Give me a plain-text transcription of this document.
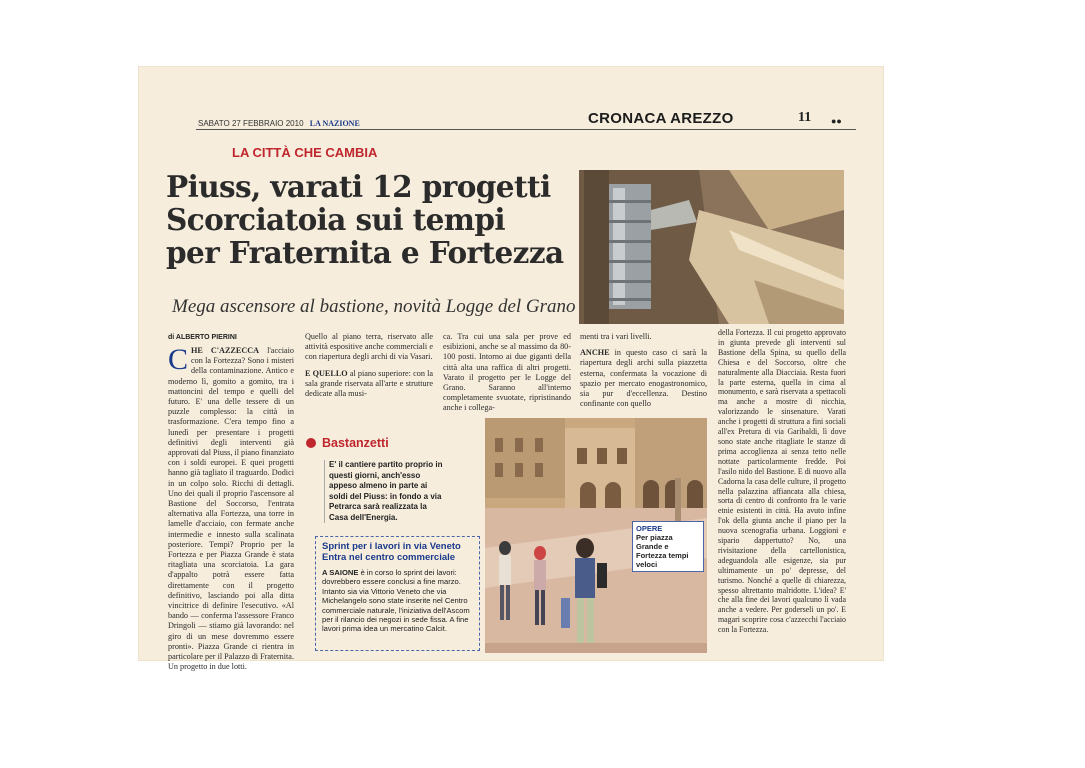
SABATO 27 FEBBRAIO 2010 LA NAZIONE	CRONACA AREZZO	11 ●●
LA CITTÀ CHE CAMBIA
Piuss, varati 12 progetti
Scorciatoia sui tempi
per Fraternita e Fortezza
Mega ascensore al bastione, novità Logge del Grano
di ALBERTO PIERINI

C HE C'AZZECCA l'acciaio con la Fortezza? Sono i misteri della contaminazione. Antico e moderno lì, gomito a gomito, tra i mattoncini del tempo e quelli del futuro. E' una delle tessere di un puzzle complesso: la città in trasformazione. C'era tempo fino a lunedì per presentare i progetti definitivi degli interventi già approvati dal Piuss, il piano finanziato con i soldi europei. E quei progetti hanno già tagliato il traguardo. Dodici in un colpo solo. Ricchi di dettagli. Uno dei quali il proprio l'ascensore al Bastione del Soccorso, l'entrata alternativa alla Fortezza, una torre in lamelle d'acciaio, con fermate anche intermedie e innesto sulla scalinata posteriore. Tempi? Proprio per la Fortezza e per Piazza Grande è stata ritagliata una scorciatoia. La gara d'appalto potrà essere fatta direttamente con il progetto definitivo, lasciando poi alla ditta vincitrice di definire l'esecutivo. «Al bando — conferma l'assessore Franco Dringoli — stiamo già lavorando: nel giro di un mese dovremmo essere pronti». Piazza Grande ci rientra in particolare per il Palazzo di Fraternita. Un progetto in due lotti.

Quello al piano terra, riservato alle attività espositive anche commerciali e con riapertura degli archi di via Vasari.

E QUELLO al piano superiore: con la sala grande riservata all'arte e strutture dedicate alla musi-

ca. Tra cui una sala per prove ed esibizioni, anche se al massimo da 80-100 posti. Intorno ai due giganti della città alta una raffica di altri progetti. Varato il progetto per le Logge del Grano. Saranno all'interno completamente svuotate, ripristinando anche i collega-

menti tra i vari livelli.

ANCHE in questo caso ci sarà la riapertura degli archi sulla piazzetta esterna, confermata la vocazione di spazio per mercato enogastronomico, sia pur d'eccellenza. Destino confinante con quello

della Fortezza. Il cui progetto approvato in giunta prevede gli interventi sul Bastione della Spina, su quello della Chiesa e del Soccorso, oltre che naturalmente alla Diacciaia. Resta fuori la parte esterna, quella in cima al monumento, e sarà riservata a spettacoli ma anche a mostre di nicchia, valorizzando le sinsenature. Varati anche i progetti di struttura a fini sociali all'ex Pretura di via Garibaldi, lì dove sono state anche ritagliate le stanze di prima accoglienza ai senza tetto nelle nottate particolarmente fredde. Poi l'asilo nido del Bastione. E di nuovo alla Cadorna la casa delle culture, il progetto nella palazzina affiancata alla chiesa, sorta di centro di confronto fra le varie etnie esistenti in città. Ha avuto infine l'ok della giunta anche il piano per la nuova scenografia urbana. Loggioni e sipario dappertutto? No, una rivisitazione della cartellonistica, adeguandola alle esigenze, sia pur ultimamente un po' depresse, del turismo. Nonché a quelle di chiarezza, spesso altrettanto malridotte. L'idea? E' che alla fine dei lavori qualcuno lì vada anche a vedere. Per goderseli un po'. E magari scoprire cosa c'azzecchi l'acciaio con la Fortezza.

Bastanzetti
E' il cantiere partito proprio in questi giorni, anch'esso appeso almeno in parte ai soldi del Piuss: in fondo a via Petrarca sarà realizzata la Casa dell'Energia.
Sprint per i lavori in via Veneto
Entra nel centro commerciale
A SAIONE è in corso lo sprint dei lavori: dovrebbero essere conclusi a fine marzo. Intanto sia via Vittorio Veneto che via Michelangelo sono state inserite nel Centro commerciale naturale, l'iniziativa dell'Ascom per il rilancio dei negozi in sede fissa. A fine lavori prima idea un mercatino Calcit.
OPERE
Per piazza Grande e Fortezza tempi veloci
